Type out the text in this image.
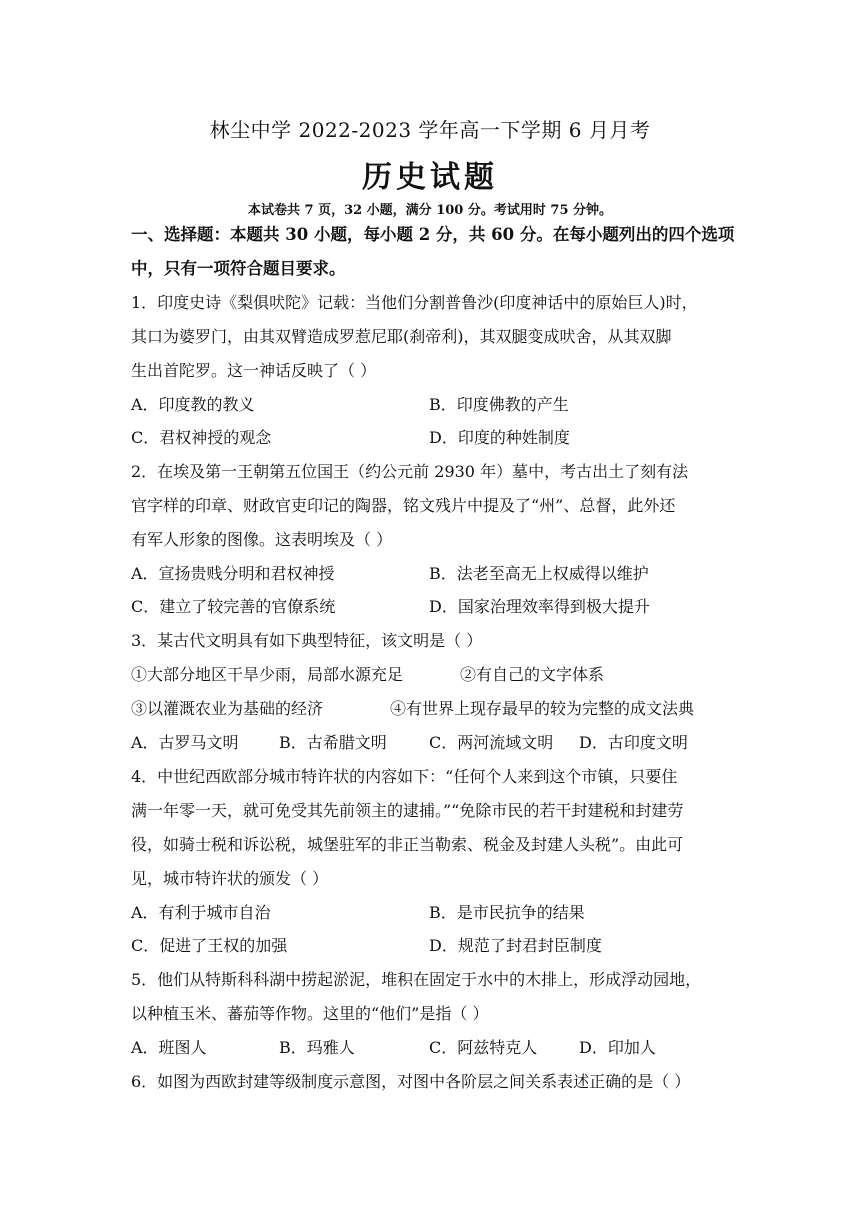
林尘中学 2022-2023 学年高一下学期 6 月月考
历史试题
本试卷共 7 页，32 小题，满分 100 分。考试用时 75 分钟。
一、选择题：本题共 30 小题，每小题 2 分，共 60 分。在每小题列出的四个选项
中，只有一项符合题目要求。
1．印度史诗《梨俱吠陀》记载：当他们分割普鲁沙(印度神话中的原始巨人)时，
其口为婆罗门，由其双臂造成罗惹尼耶(刹帝利)，其双腿变成吠舍，从其双脚
生出首陀罗。这一神话反映了（ ）
A．印度教的教义	B．印度佛教的产生
C．君权神授的观念	D．印度的种姓制度
2．在埃及第一王朝第五位国王（约公元前 2930 年）墓中，考古出土了刻有法
官字样的印章、财政官吏印记的陶器，铭文残片中提及了“州”、总督，此外还
有军人形象的图像。这表明埃及（ ）
A．宣扬贵贱分明和君权神授	B．法老至高无上权威得以维护
C．建立了较完善的官僚系统	D．国家治理效率得到极大提升
3．某古代文明具有如下典型特征，该文明是（ ）
①大部分地区干旱少雨，局部水源充足	②有自己的文字体系
③以灌溉农业为基础的经济	④有世界上现存最早的较为完整的成文法典
A．古罗马文明	B．古希腊文明	C．两河流域文明 D．古印度文明
4．中世纪西欧部分城市特许状的内容如下：“任何个人来到这个市镇，只要住
满一年零一天，就可免受其先前领主的逮捕。”“免除市民的若干封建税和封建劳
役，如骑士税和诉讼税，城堡驻军的非正当勒索、税金及封建人头税”。由此可
见，城市特许状的颁发（ ）
A．有利于城市自治	B．是市民抗争的结果
C．促进了王权的加强	D．规范了封君封臣制度
5．他们从特斯科科湖中捞起淤泥，堆积在固定于水中的木排上，形成浮动园地，
以种植玉米、蕃茄等作物。这里的“他们”是指（ ）
A．班图人	B．玛雅人	C．阿兹特克人	D．印加人
6．如图为西欧封建等级制度示意图，对图中各阶层之间关系表述正确的是（ ）
